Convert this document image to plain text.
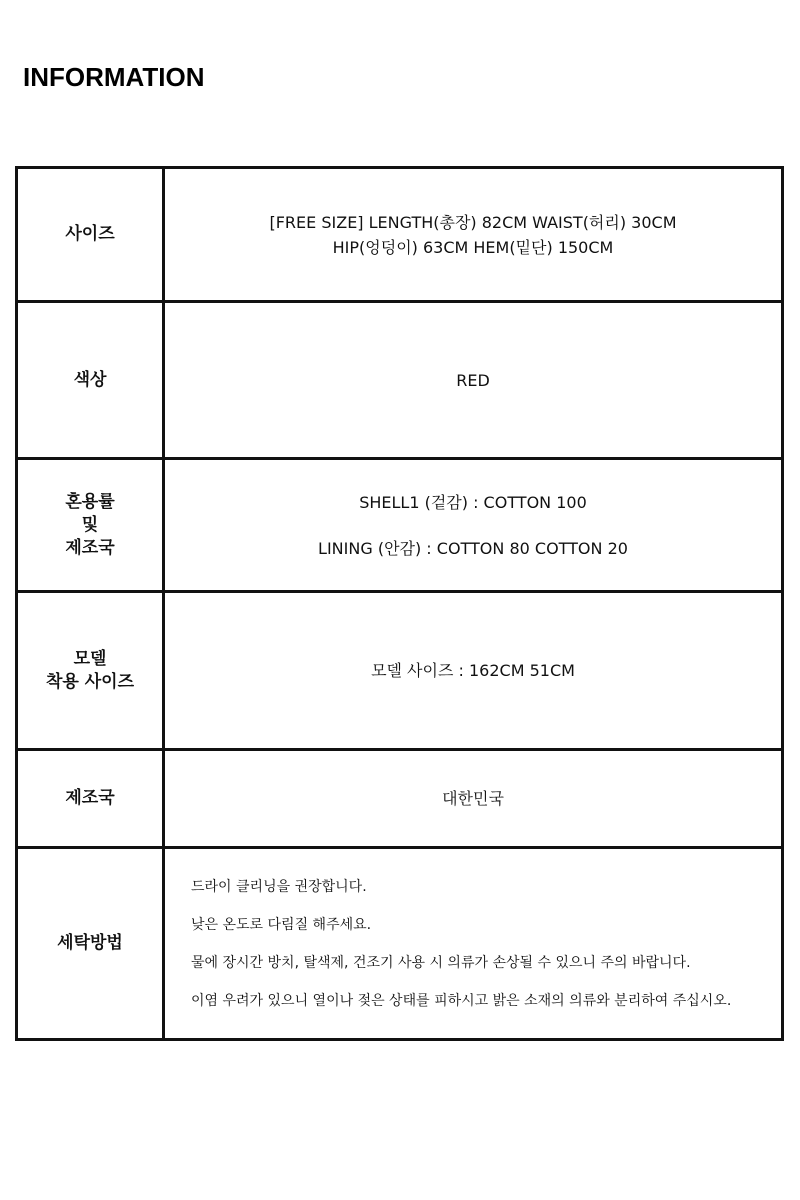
INFORMATION
사이즈	[FREE SIZE] LENGTH(총장) 82CM WAIST(허리) 30CM
HIP(엉덩이) 63CM HEM(밑단) 150CM

색상	RED

혼용률
및
제조국	SHELL1 (겉감) : COTTON 100
LINING (안감) : COTTON 80 COTTON 20

모델
착용 사이즈	모델 사이즈 : 162CM 51CM

제조국	대한민국

세탁방법	드라이 클리닝을 권장합니다.
낮은 온도로 다림질 해주세요.
물에 장시간 방치, 탈색제, 건조기 사용 시 의류가 손상될 수 있으니 주의 바랍니다.
이염 우려가 있으니 열이나 젖은 상태를 피하시고 밝은 소재의 의류와 분리하여 주십시오.
